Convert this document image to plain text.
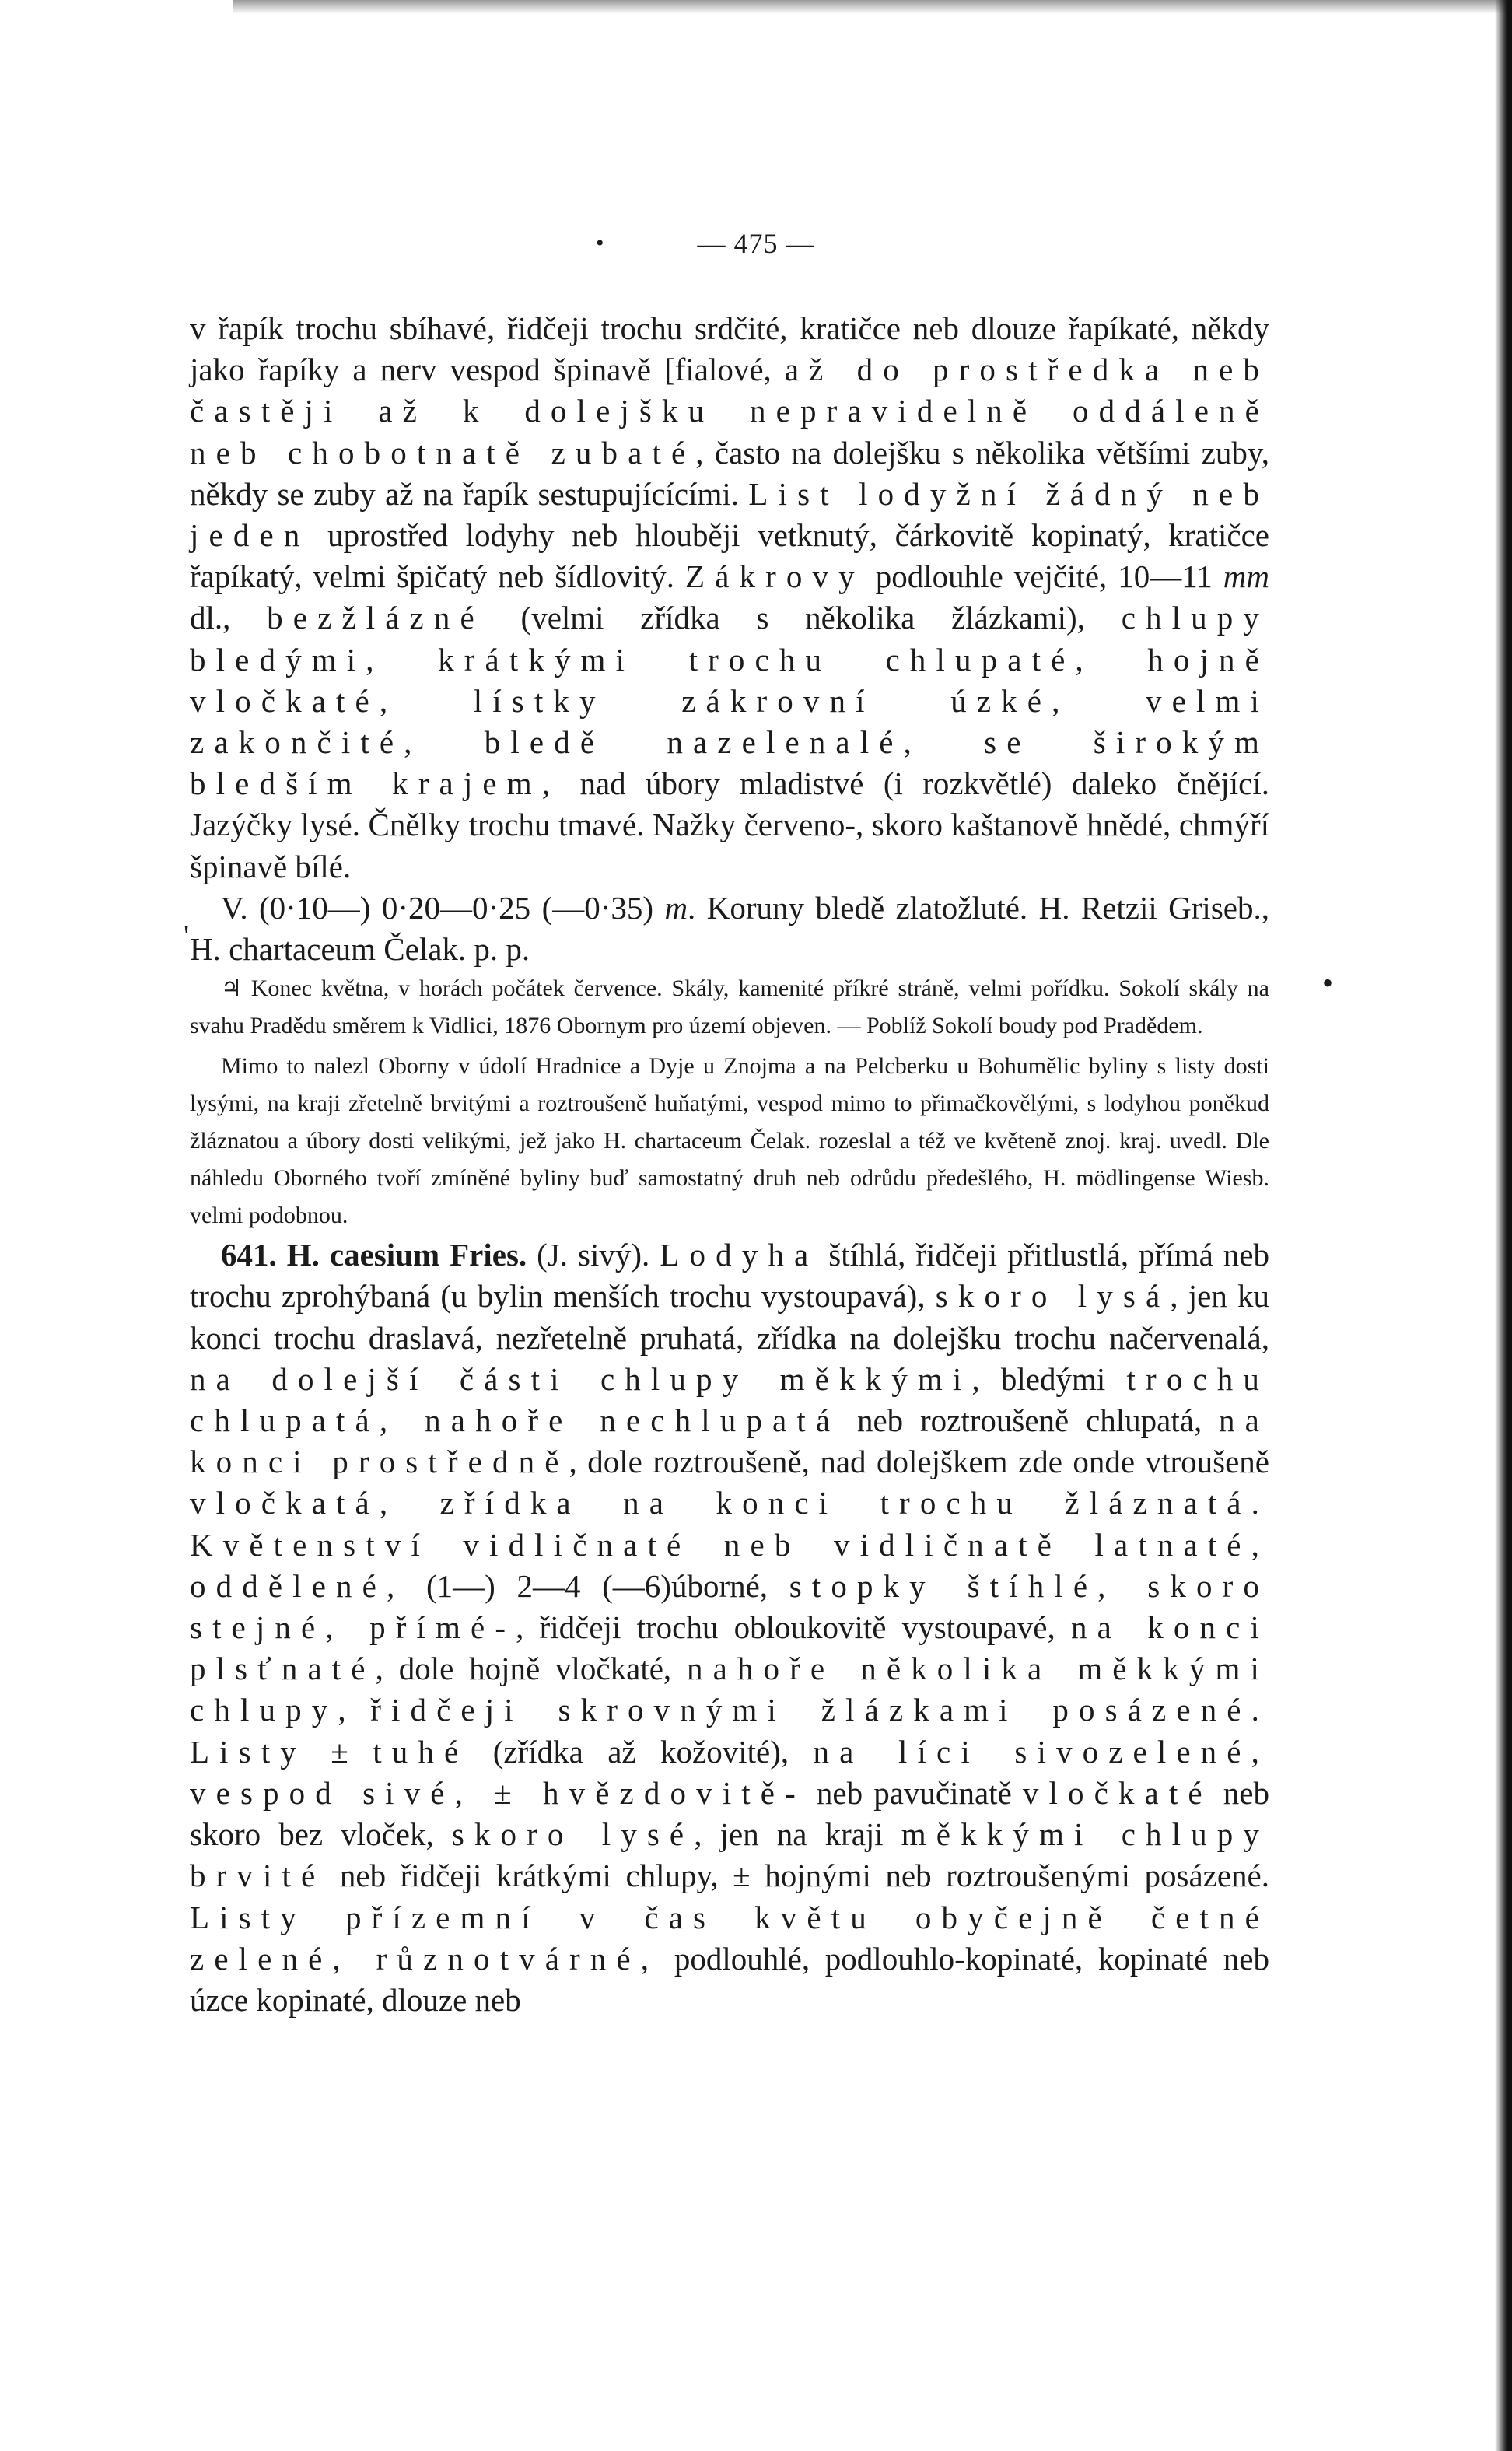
•	— 475 —
•

v řapík trochu sbíhavé, řidčeji trochu srdčité, kratičce neb dlouze řapíkaté, někdy jako řapíky a nerv vespod špinavě [fialové, až do prostředka neb častěji až k dolejšku nepravidelně oddáleně neb chobotnatě zubaté, často na dolejšku s několika většími zuby, někdy se zuby až na řapík sestupujícícími. List lodyžní žádný neb jeden uprostřed lodyhy neb hlouběji vetknutý, čárkovitě kopinatý, kratičce řapíkatý, velmi špičatý neb šídlovitý. Zákrovy podlouhle vejčité, 10—11 mm dl., bezžlázné (velmi zřídka s několika žlázkami), chlupy bledými, krátkými trochu chlupaté, hojně vločkaté, lístky zákrovní úzké, velmi zakončité, bledě nazelenalé, se širokým bledším krajem, nad úbory mladistvé (i rozkvětlé) daleko čnějící. Jazýčky lysé. Čnělky trochu tmavé. Nažky červeno-, skoro kaštanově hnědé, chmýří špinavě bílé.

V. (0·10—) 0·20—0·25 (—0·35) m. Koruny bledě zlatožluté. H. Retzii Griseb., H. chartaceum Čelak. p. p.

♃ Konec května, v horách počátek července. Skály, kamenité příkré stráně, velmi pořídku. Sokolí skály na svahu Pradědu směrem k Vidlici, 1876 Obornym pro území objeven. — Poblíž Sokolí boudy pod Pradědem.

Mimo to nalezl Oborny v údolí Hradnice a Dyje u Znojma a na Pelcberku u Bohumělic byliny s listy dosti lysými, na kraji zřetelně brvitými a roztroušeně huňatými, vespod mimo to přimačkovělými, s lodyhou poněkud žláznatou a úbory dosti velikými, jež jako H. chartaceum Čelak. rozeslal a též ve květeně znoj. kraj. uvedl. Dle náhledu Oborného tvoří zmíněné byliny buď samostatný druh neb odrůdu předešlého, H. mödlingense Wiesb. velmi podobnou.

641. H. caesium Fries. (J. sivý). Lodyha štíhlá, řidčeji přitlustlá, přímá neb trochu zprohýbaná (u bylin menších trochu vystoupavá), skoro lysá, jen ku konci trochu draslavá, nezřetelně pruhatá, zřídka na dolejšku trochu načervenalá, na dolejší části chlupy měkkými, bledými trochu chlupatá, nahoře nechlupatá neb roztroušeně chlupatá, na konci prostředně, dole roztroušeně, nad dolejškem zde onde vtroušeně vločkatá, zřídka na konci trochu žláznatá. Květenství vidličnaté neb vidličnatě latnaté, oddělené, (1—) 2—4 (—6)úborné, stopky štíhlé, skoro stejné, přímé-, řidčeji trochu obloukovitě vystoupavé, na konci plsťnaté, dole hojně vločkaté, nahoře několika měkkými chlupy, řidčeji skrovnými žlázkami posázené. Listy ± tuhé (zřídka až kožovité), na líci sivozelené, vespod sivé, ± hvězdovitě- neb pavučinatě vločkaté neb skoro bez vloček, skoro lysé, jen na kraji měkkými chlupy brvité neb řidčeji krátkými chlupy, ± hojnými neb roztroušenými posázené. Listy přízemní v čas květu obyčejně četné zelené, různotvárné, podlouhlé, podlouhlo-kopinaté, kopinaté neb úzce kopinaté, dlouze neb

'
